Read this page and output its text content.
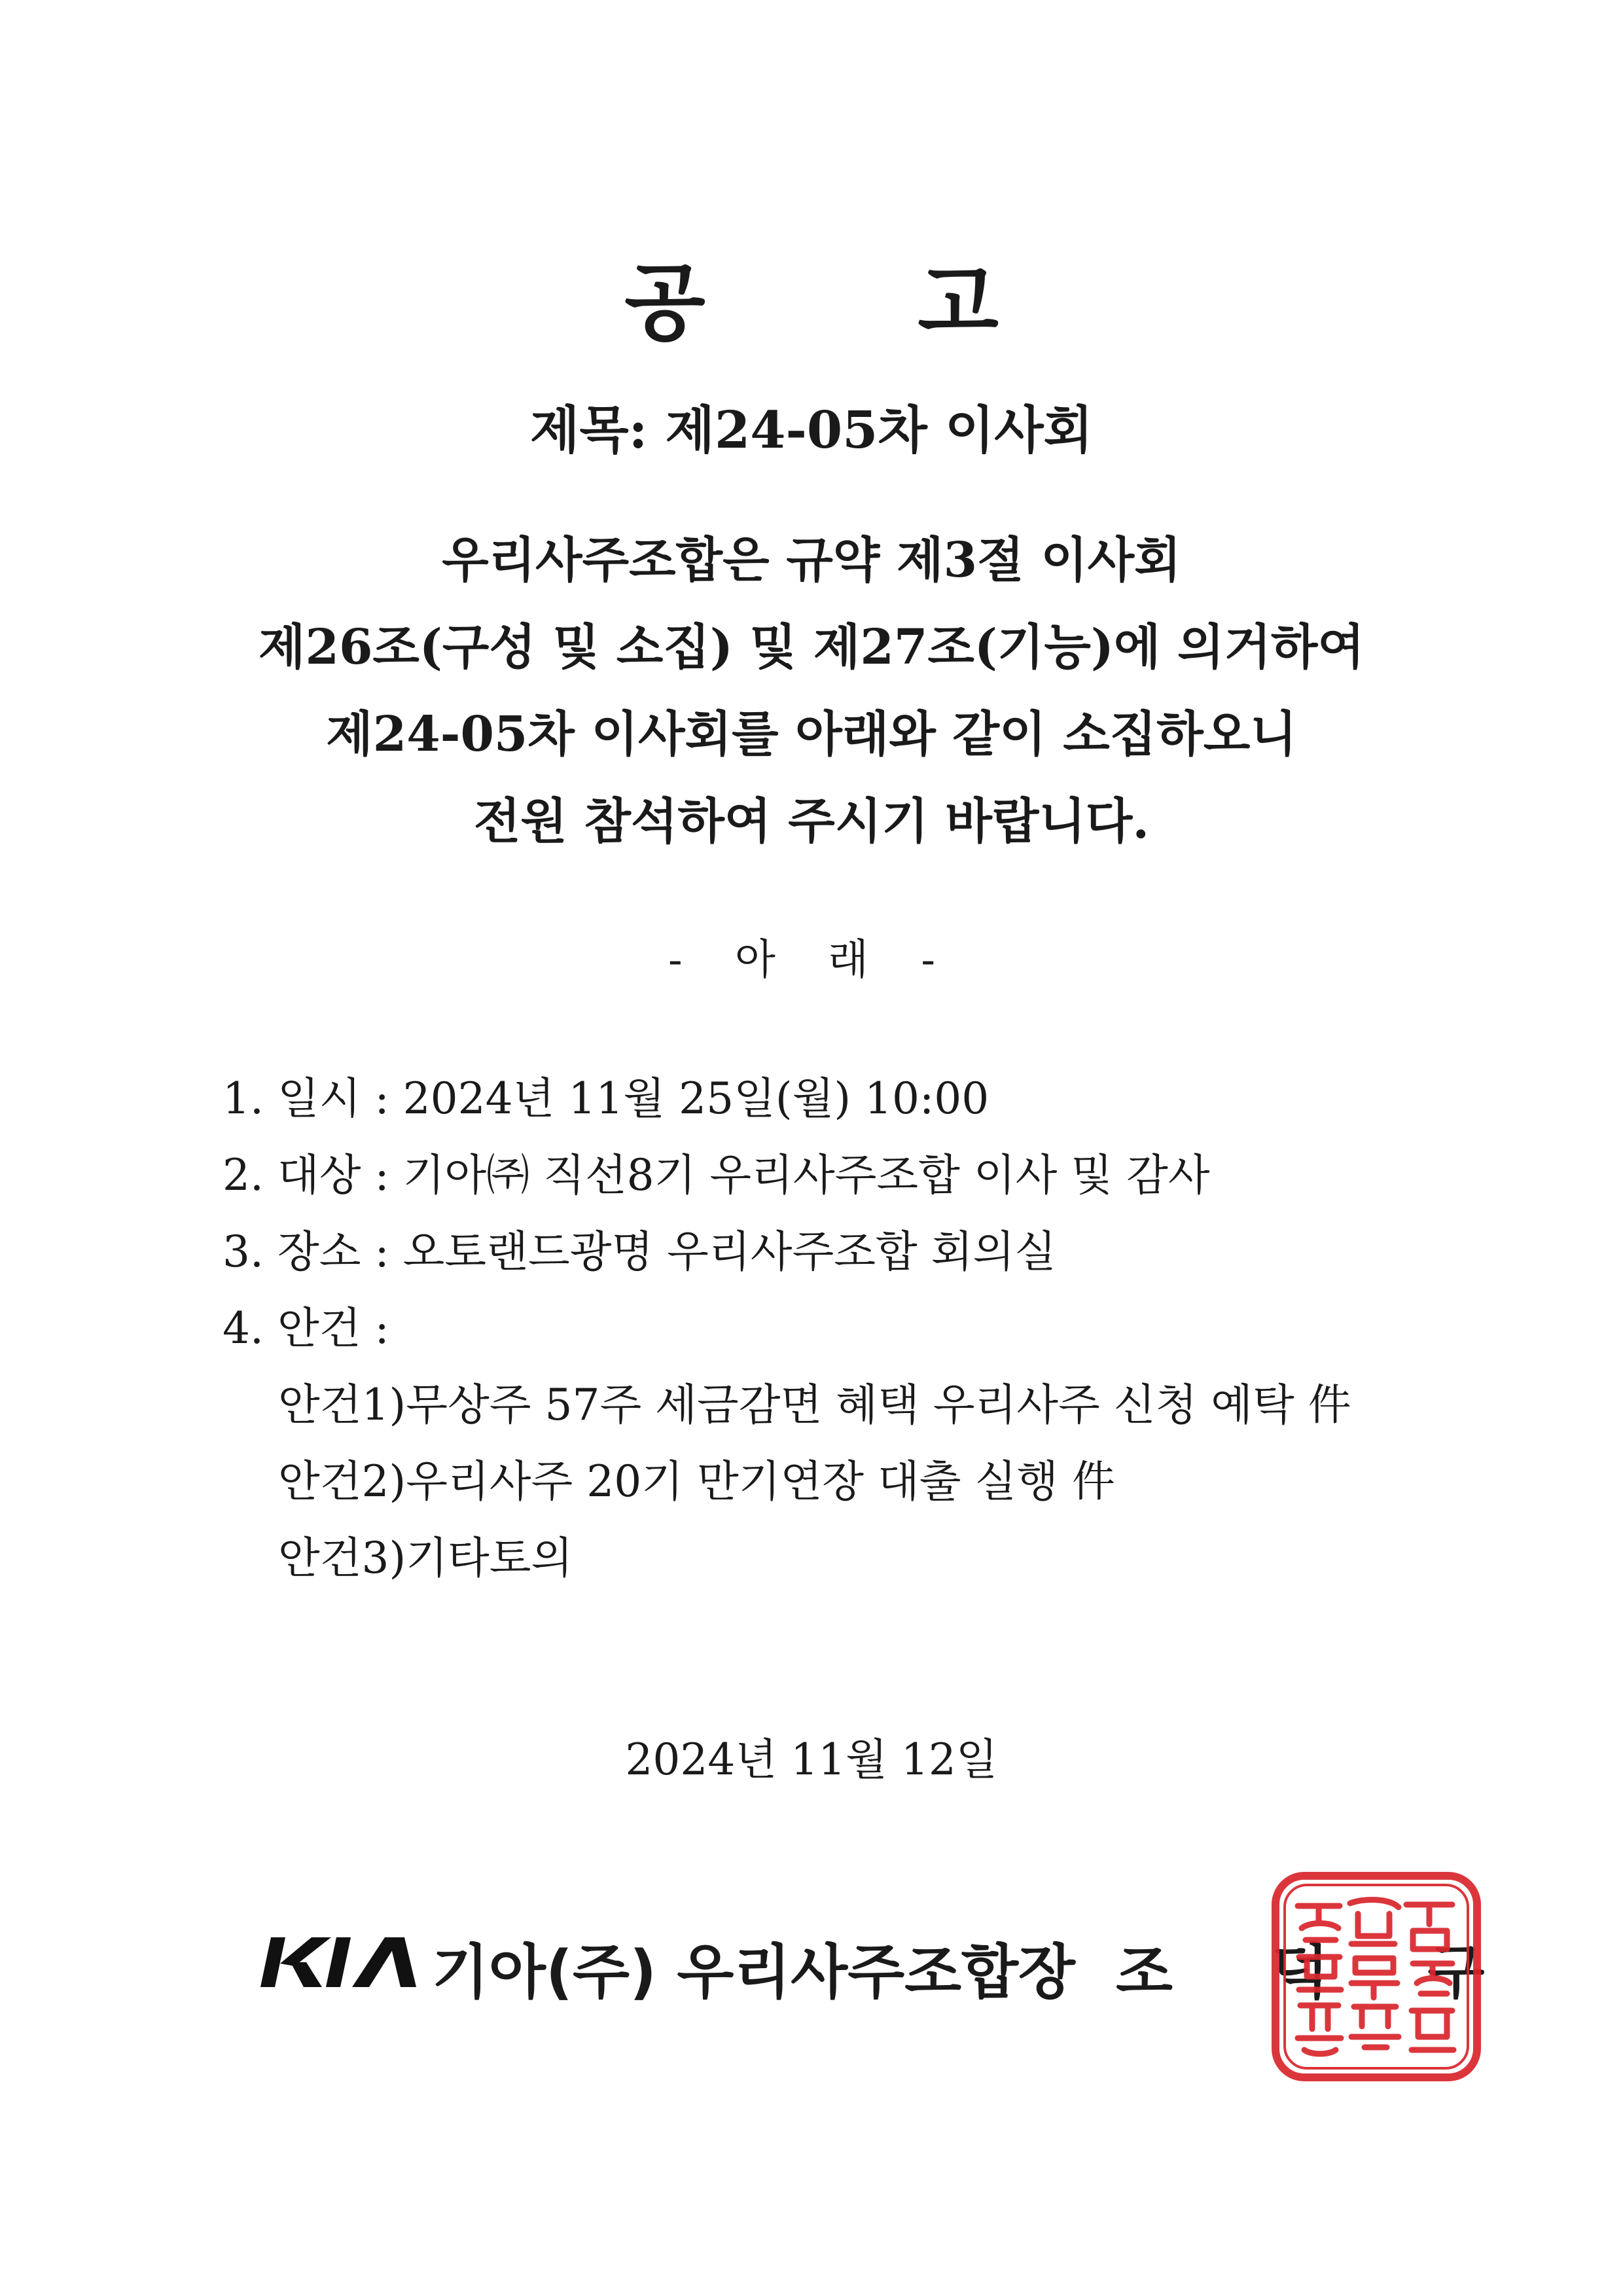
공 고
제목: 제24-05차 이사회
우리사주조합은 규약 제3절 이사회
제26조(구성 및 소집) 및 제27조(기능)에 의거하여
제24-05차 이사회를 아래와 같이 소집하오니
전원 참석하여 주시기 바랍니다.
- 아 래 -
1. 일시 : 2024년 11월 25일(월) 10:00
2. 대상 : 기아㈜ 직선8기 우리사주조합 이사 및 감사
3. 장소 : 오토랜드광명 우리사주조합 회의실
4. 안건 :
안건1)무상주 57주 세금감면 혜택 우리사주 신청 예탁 件
안건2)우리사주 20기 만기연장 대출 실행 件
안건3)기타토의
2024년 11월 12일
기아(주) 우리사주조합장 조 덕 구
